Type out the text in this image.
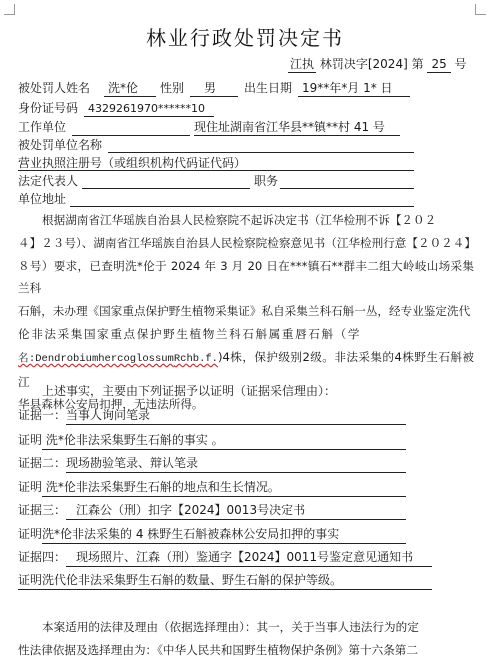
林业行政处罚决定书
江执 林罚决字[2024] 第 25 号
被处罚人姓名 洗*伦 性别 男 出生日期 19**年*月 1* 日
身份证号码 4329261970******10
工作单位	现住址湖南省江华县**镇**村 41 号
被处罚单位名称
营业执照注册号（或组织机构代码证代码）
法定代表人	职务
单位地址

根据湖南省江华瑶族自治县人民检察院不起诉决定书（江华检刑不诉【２０２

４】２３号）、湖南省江华瑶族自治县人民检察院检察意见书（江华检刑行意【２０２４】

８号）要求，已查明洗*伦于 2024 年 3 月 20 日在***镇石**群丰二组大岭岐山场采集兰科

石斛，未办理《国家重点保护野生植物采集证》私自采集兰科石斛一丛，经专业鉴定洗代

伦非法采集国家重点保护野生植物兰科石斛属重唇石斛（学

名:DendrobiumhercoglossumRchb.f.)4株，保护级别2级。非法采集的4株野生石斛被江

华县森林公安局扣押，无违法所得。

上述事实，主要由下列证据予以证明（证据采信理由）：
证据一： 当事人询问笔录
证明 洗*伦非法采集野生石斛的事实 。
证据二： 现场勘验笔录、辩认笔录
证明 洗*伦非法采集野生石斛的地点和生长情况。
证据三： 江森公（刑）扣字【2024】0013号决定书
证明洗*伦非法采集的 4 株野生石斛被森林公安局扣押的事实
证据四： 现场照片、江森（刑）鉴通字【2024】0011号鉴定意见通知书
证明洗代伦非法采集野生石斛的数量、野生石斛的保护等级。

本案适用的法律及理由（依据选择理由）：其一，关于当事人违法行为的定

性法律依据及选择理由为：《中华人民共和国野生植物保护条例》第十六条第二
